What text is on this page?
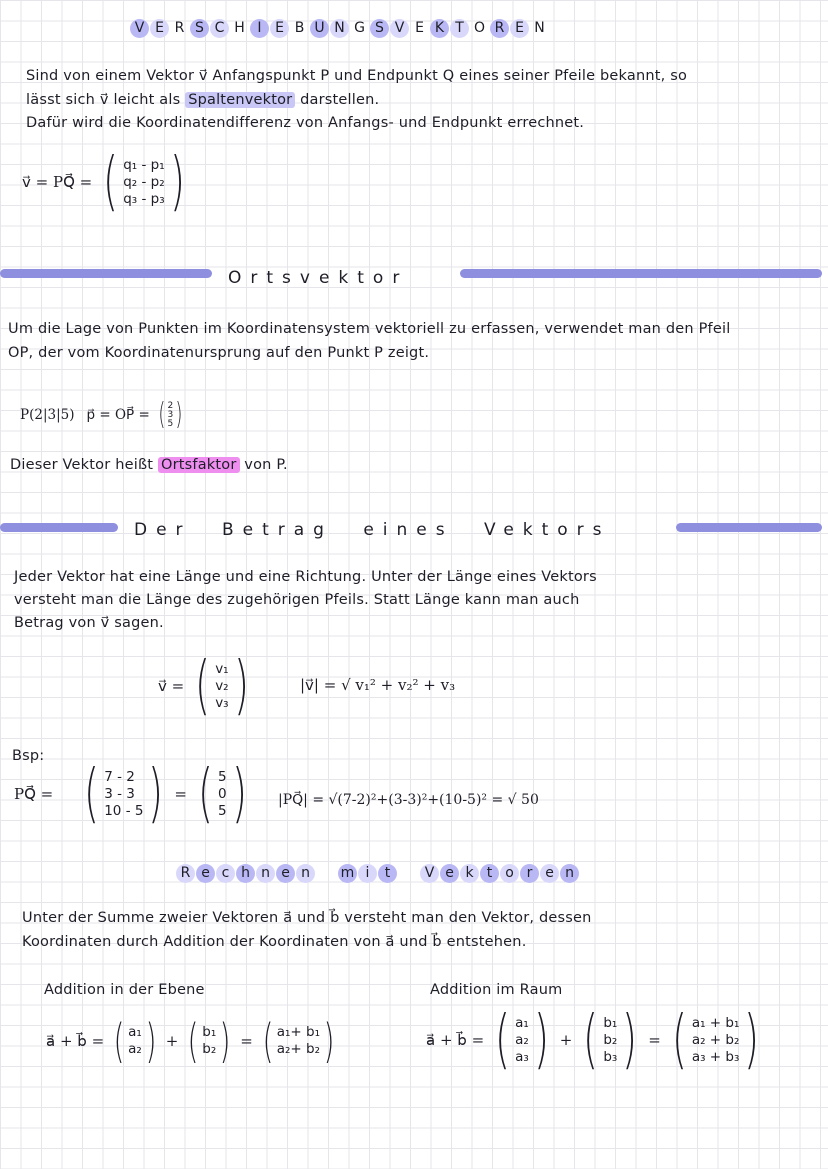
V E R S C H I E B U N G S V E K T O R E N
Sind von einem Vektor v⃗ Anfangspunkt P und Endpunkt Q eines seiner Pfeile bekannt, so
lässt sich v⃗ leicht als Spaltenvektor darstellen.
Dafür wird die Koordinatendifferenz von Anfangs- und Endpunkt errechnet.
v⃗ = PQ⃗ = ( q₁ - p₁
q₂ - p₂
q₃ - p₃ )
Ortsvektor
Um die Lage von Punkten im Koordinatensystem vektoriell zu erfassen, verwendet man den Pfeil
OP, der vom Koordinatenursprung auf den Punkt P zeigt.
P(2|3|5) p⃗ = OP⃗ = ( 2
3
5 )
Dieser Vektor heißt Ortsfaktor von P.
Der Betrag eines Vektors
Jeder Vektor hat eine Länge und eine Richtung. Unter der Länge eines Vektors
versteht man die Länge des zugehörigen Pfeils. Statt Länge kann man auch
Betrag von v⃗ sagen.
v⃗ = ( v₁
v₂
v₃ )	|v⃗| = √ v₁² + v₂² + v₃
Bsp:
PQ⃗ = ( 7 - 2
3 - 3
10 - 5 ) = ( 5
0
5 ) |PQ⃗| = √(7-2)²+(3-3)²+(10-5)² = √ 50
R e c h n e n m i t V e k t o r e n
Unter der Summe zweier Vektoren a⃗ und b⃗ versteht man den Vektor, dessen
Koordinaten durch Addition der Koordinaten von a⃗ und b⃗ entstehen.
Addition in der Ebene	Addition im Raum
a⃗ + b⃗ = ( a₁
a₂ ) + ( b₁
b₂ ) = ( a₁+ b₁
a₂+ b₂ )	a⃗ + b⃗ = ( a₁
a₂
a₃ ) + ( b₁
b₂
b₃ ) = ( a₁ + b₁
a₂ + b₂
a₃ + b₃ )
